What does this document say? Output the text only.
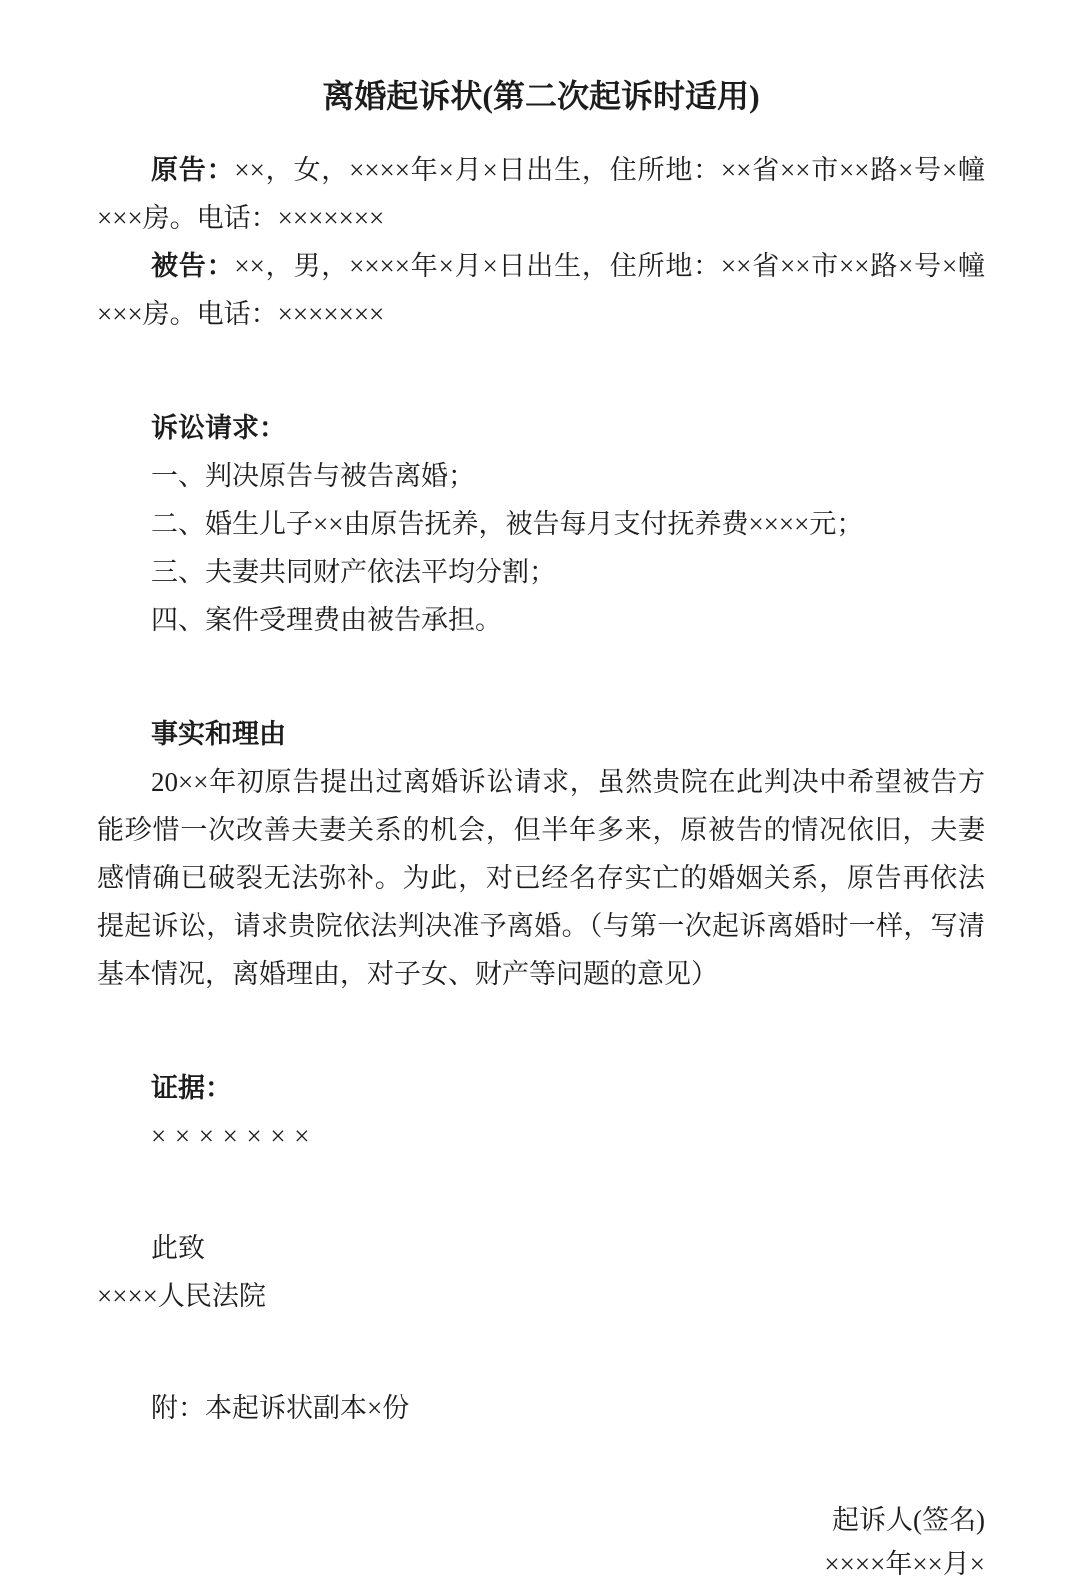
离婚起诉状(第二次起诉时适用)

原告：××，女，××××年×月×日出生，住所地：××省××市××路×号×幢×××房。电话：×××××××

被告：××，男，××××年×月×日出生，住所地：××省××市××路×号×幢×××房。电话：×××××××

诉讼请求：

一、判决原告与被告离婚；

二、婚生儿子××由原告抚养，被告每月支付抚养费××××元；

三、夫妻共同财产依法平均分割；

四、案件受理费由被告承担。

事实和理由

20××年初原告提出过离婚诉讼请求，虽然贵院在此判决中希望被告方能珍惜一次改善夫妻关系的机会，但半年多来，原被告的情况依旧，夫妻感情确已破裂无法弥补。为此，对已经名存实亡的婚姻关系，原告再依法提起诉讼，请求贵院依法判决准予离婚。（与第一次起诉离婚时一样，写清基本情况，离婚理由，对子女、财产等问题的意见）

证据：

×××××××

此致

××××人民法院

附：本起诉状副本×份

起诉人(签名)

××××年××月×
